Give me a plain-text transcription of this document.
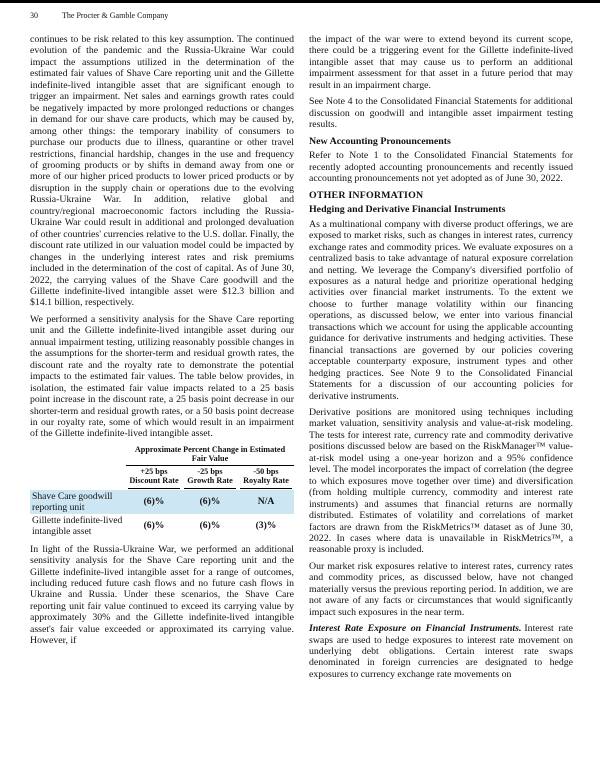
30	The Procter & Gamble Company

continues to be risk related to this key assumption. The continued evolution of the pandemic and the Russia-Ukraine War could impact the assumptions utilized in the determination of the estimated fair values of Shave Care reporting unit and the Gillette indefinite-lived intangible asset that are significant enough to trigger an impairment. Net sales and earnings growth rates could be negatively impacted by more prolonged reductions or changes in demand for our shave care products, which may be caused by, among other things: the temporary inability of consumers to purchase our products due to illness, quarantine or other travel restrictions, financial hardship, changes in the use and frequency of grooming products or by shifts in demand away from one or more of our higher priced products to lower priced products or by disruption in the supply chain or operations due to the evolving Russia-Ukraine War. In addition, relative global and country/regional macroeconomic factors including the Russia-Ukraine War could result in additional and prolonged devaluation of other countries' currencies relative to the U.S. dollar. Finally, the discount rate utilized in our valuation model could be impacted by changes in the underlying interest rates and risk premiums included in the determination of the cost of capital. As of June 30, 2022, the carrying values of the Shave Care goodwill and the Gillette indefinite-lived intangible asset were $12.3 billion and $14.1 billion, respectively.

We performed a sensitivity analysis for the Shave Care reporting unit and the Gillette indefinite-lived intangible asset during our annual impairment testing, utilizing reasonably possible changes in the assumptions for the shorter-term and residual growth rates, the discount rate and the royalty rate to demonstrate the potential impacts to the estimated fair values. The table below provides, in isolation, the estimated fair value impacts related to a 25 basis point increase in the discount rate, a 25 basis point decrease in our shorter-term and residual growth rates, or a 50 basis point decrease in our royalty rate, some of which would result in an impairment of the Gillette indefinite-lived intangible asset.

	Approximate Percent Change in Estimated Fair Value		

	+25 bps Discount Rate	-25 bps Growth Rate	-50 bps Royalty Rate

Shave Care goodwill reporting unit	(6)%	(6)%	N/A
Gillette indefinite-lived intangible asset	(6)%	(6)%	(3)%

In light of the Russia-Ukraine War, we performed an additional sensitivity analysis for the Shave Care reporting unit and the Gillette indefinite-lived intangible asset for a range of outcomes, including reduced future cash flows and no future cash flows in Ukraine and Russia. Under these scenarios, the Shave Care reporting unit fair value continued to exceed its carrying value by approximately 30% and the Gillette indefinite-lived intangible asset's fair value exceeded or approximated its carrying value. However, if

the impact of the war were to extend beyond its current scope, there could be a triggering event for the Gillette indefinite-lived intangible asset that may cause us to perform an additional impairment assessment for that asset in a future period that may result in an impairment charge.

See Note 4 to the Consolidated Financial Statements for additional discussion on goodwill and intangible asset impairment testing results.

New Accounting Pronouncements

Refer to Note 1 to the Consolidated Financial Statements for recently adopted accounting pronouncements and recently issued accounting pronouncements not yet adopted as of June 30, 2022.

OTHER INFORMATION
Hedging and Derivative Financial Instruments

As a multinational company with diverse product offerings, we are exposed to market risks, such as changes in interest rates, currency exchange rates and commodity prices. We evaluate exposures on a centralized basis to take advantage of natural exposure correlation and netting. We leverage the Company's diversified portfolio of exposures as a natural hedge and prioritize operational hedging activities over financial market instruments. To the extent we choose to further manage volatility within our financing operations, as discussed below, we enter into various financial transactions which we account for using the applicable accounting guidance for derivative instruments and hedging activities. These financial transactions are governed by our policies covering acceptable counterparty exposure, instrument types and other hedging practices. See Note 9 to the Consolidated Financial Statements for a discussion of our accounting policies for derivative instruments.

Derivative positions are monitored using techniques including market valuation, sensitivity analysis and value-at-risk modeling. The tests for interest rate, currency rate and commodity derivative positions discussed below are based on the RiskManager™ value-at-risk model using a one-year horizon and a 95% confidence level. The model incorporates the impact of correlation (the degree to which exposures move together over time) and diversification (from holding multiple currency, commodity and interest rate instruments) and assumes that financial returns are normally distributed. Estimates of volatility and correlations of market factors are drawn from the RiskMetrics™ dataset as of June 30, 2022. In cases where data is unavailable in RiskMetrics™, a reasonable proxy is included.

Our market risk exposures relative to interest rates, currency rates and commodity prices, as discussed below, have not changed materially versus the previous reporting period. In addition, we are not aware of any facts or circumstances that would significantly impact such exposures in the near term.

Interest Rate Exposure on Financial Instruments. Interest rate swaps are used to hedge exposures to interest rate movement on underlying debt obligations. Certain interest rate swaps denominated in foreign currencies are designated to hedge exposures to currency exchange rate movements on
